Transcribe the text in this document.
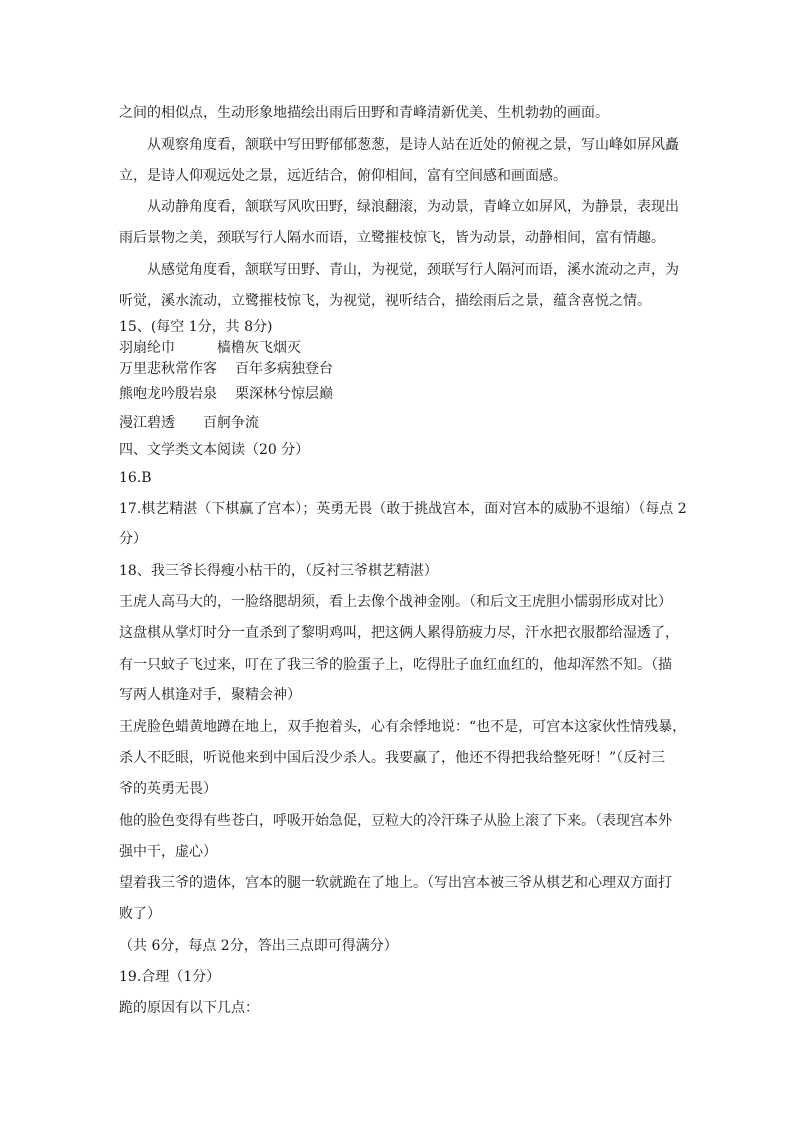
之间的相似点，生动形象地描绘出雨后田野和青峰清新优美、生机勃勃的画面。
从观察角度看，颔联中写田野郁郁葱葱，是诗人站在近处的俯视之景，写山峰如屏风矗
立，是诗人仰观远处之景，远近结合，俯仰相间，富有空间感和画面感。
从动静角度看，颔联写风吹田野，绿浪翻滚，为动景，青峰立如屏风，为静景，表现出
雨后景物之美，颈联写行人隔水而语，立鹭摧枝惊飞，皆为动景，动静相间，富有情趣。
从感觉角度看，颔联写田野、青山，为视觉，颈联写行人隔河而语，溪水流动之声，为
听觉，溪水流动，立鹭摧枝惊飞，为视觉，视听结合，描绘雨后之景，蕴含喜悦之情。
15、(每空 1分，共 8分)
羽扇纶巾	樯橹灰飞烟灭
万里悲秋常作客 百年多病独登台
熊咆龙吟殷岩泉 栗深林兮惊层巅
漫江碧透 百舸争流
四、文学类文本阅读（20 分）
16.B
17.棋艺精湛（下棋赢了宫本）；英勇无畏（敢于挑战宫本，面对宫本的威胁不退缩）（每点 2
分）
18、我三爷长得瘦小枯干的，（反衬三爷棋艺精湛）
王虎人高马大的，一脸络腮胡须，看上去像个战神金刚。（和后文王虎胆小懦弱形成对比）
这盘棋从掌灯时分一直杀到了黎明鸡叫，把这俩人累得筋疲力尽，汗水把衣服都给湿透了，
有一只蚊子飞过来，叮在了我三爷的脸蛋子上，吃得肚子血红血红的，他却浑然不知。（描
写两人棋逢对手，聚精会神）
王虎脸色蜡黄地蹲在地上，双手抱着头，心有余悸地说：“也不是，可宫本这家伙性情残暴，
杀人不眨眼，听说他来到中国后没少杀人。我要赢了，他还不得把我给整死呀！”（反衬三
爷的英勇无畏）
他的脸色变得有些苍白，呼吸开始急促，豆粒大的冷汗珠子从脸上滚了下来。（表现宫本外
强中干，虚心）
望着我三爷的遗体，宫本的腿一软就跪在了地上。（写出宫本被三爷从棋艺和心理双方面打
败了）
（共 6分，每点 2分，答出三点即可得满分）
19.合理（1分）
跪的原因有以下几点：
